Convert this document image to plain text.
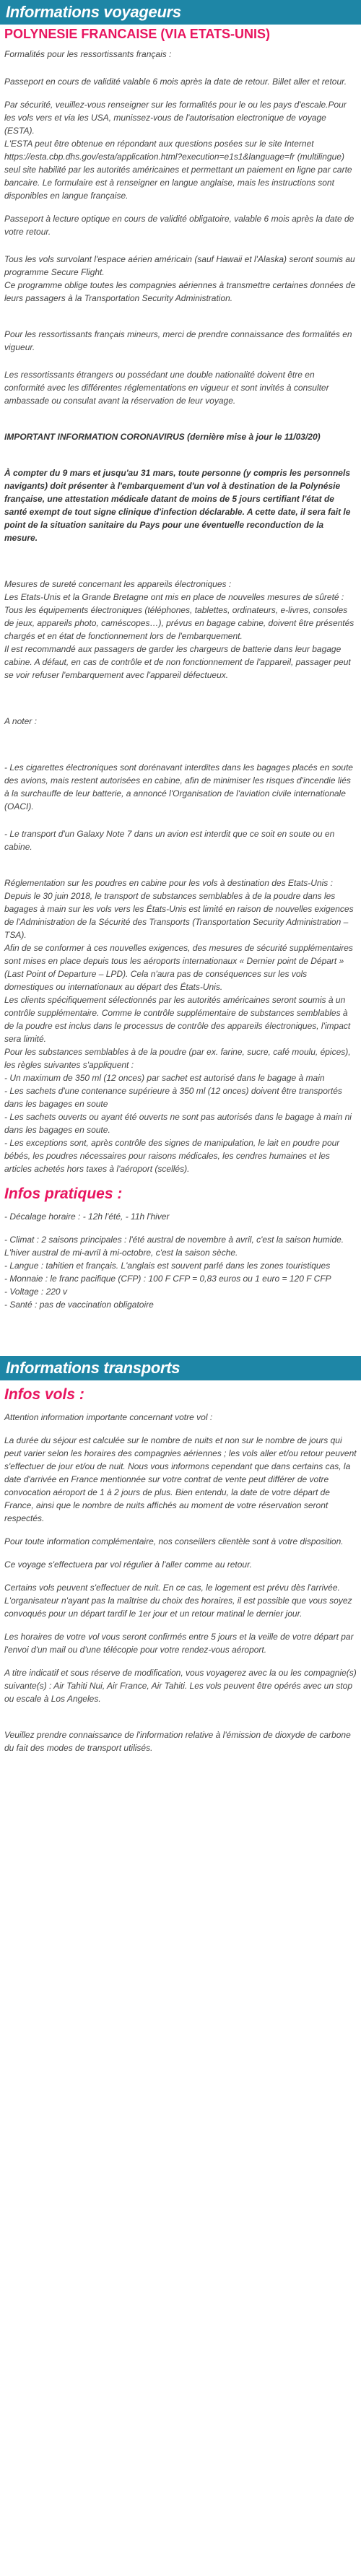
Informations voyageurs
POLYNESIE FRANCAISE (VIA ETATS-UNIS)

Formalités pour les ressortissants français :

Passeport en cours de validité valable 6 mois après la date de retour. Billet aller et retour.

Par sécurité, veuillez-vous renseigner sur les formalités pour le ou les pays d'escale.Pour les vols vers et via les USA, munissez-vous de l'autorisation electronique de voyage (ESTA).

L'ESTA peut être obtenue en répondant aux questions posées sur le site Internet https://esta.cbp.dhs.gov/esta/application.html?execution=e1s1&language=fr (multilingue) seul site habilité par les autorités américaines et permettant un paiement en ligne par carte bancaire. Le formulaire est à renseigner en langue anglaise, mais les instructions sont disponibles en langue française.

Passeport à lecture optique en cours de validité obligatoire, valable 6 mois après la date de votre retour.

Tous les vols survolant l'espace aérien américain (sauf Hawaii et l'Alaska) seront soumis au programme Secure Flight.

Ce programme oblige toutes les compagnies aériennes à transmettre certaines données de leurs passagers à la Transportation Security Administration.

Pour les ressortissants français mineurs, merci de prendre connaissance des formalités en vigueur.

Les ressortissants étrangers ou possédant une double nationalité doivent être en conformité avec les différentes réglementations en vigueur et sont invités à consulter ambassade ou consulat avant la réservation de leur voyage.

IMPORTANT INFORMATION CORONAVIRUS (dernière mise à jour le 11/03/20)

À compter du 9 mars et jusqu'au 31 mars, toute personne (y compris les personnels navigants) doit présenter à l'embarquement d'un vol à destination de la Polynésie française, une attestation médicale datant de moins de 5 jours certifiant l'état de santé exempt de tout signe clinique d'infection déclarable. A cette date, il sera fait le point de la situation sanitaire du Pays pour une éventuelle reconduction de la mesure.

Mesures de sureté concernant les appareils électroniques :

Les Etats-Unis et la Grande Bretagne ont mis en place de nouvelles mesures de sûreté : Tous les équipements électroniques (téléphones, tablettes, ordinateurs, e-livres, consoles de jeux, appareils photo, caméscopes…), prévus en bagage cabine, doivent être présentés chargés et en état de fonctionnement lors de l'embarquement.

Il est recommandé aux passagers de garder les chargeurs de batterie dans leur bagage cabine. A défaut, en cas de contrôle et de non fonctionnement de l'appareil, passager peut se voir refuser l'embarquement avec l'appareil défectueux.

A noter :

- Les cigarettes électroniques sont dorénavant interdites dans les bagages placés en soute des avions, mais restent autorisées en cabine, afin de minimiser les risques d'incendie liés à la surchauffe de leur batterie, a annoncé l'Organisation de l'aviation civile internationale (OACI).

- Le transport d'un Galaxy Note 7 dans un avion est interdit que ce soit en soute ou en cabine.

Réglementation sur les poudres en cabine pour les vols à destination des Etats-Unis :

Depuis le 30 juin 2018, le transport de substances semblables à de la poudre dans les bagages à main sur les vols vers les États-Unis est limité en raison de nouvelles exigences de l'Administration de la Sécurité des Transports (Transportation Security Administration – TSA).

Afin de se conformer à ces nouvelles exigences, des mesures de sécurité supplémentaires sont mises en place depuis tous les aéroports internationaux « Dernier point de Départ » (Last Point of Departure – LPD). Cela n'aura pas de conséquences sur les vols domestiques ou internationaux au départ des États-Unis.

Les clients spécifiquement sélectionnés par les autorités américaines seront soumis à un contrôle supplémentaire. Comme le contrôle supplémentaire de substances semblables à de la poudre est inclus dans le processus de contrôle des appareils électroniques, l'impact sera limité.

Pour les substances semblables à de la poudre (par ex. farine, sucre, café moulu, épices), les règles suivantes s'appliquent :

- Un maximum de 350 ml (12 onces) par sachet est autorisé dans le bagage à main

- Les sachets d'une contenance supérieure à 350 ml (12 onces) doivent être transportés dans les bagages en soute

- Les sachets ouverts ou ayant été ouverts ne sont pas autorisés dans le bagage à main ni dans les bagages en soute.

- Les exceptions sont, après contrôle des signes de manipulation, le lait en poudre pour bébés, les poudres nécessaires pour raisons médicales, les cendres humaines et les articles achetés hors taxes à l'aéroport (scellés).

Infos pratiques :

- Décalage horaire : - 12h l'été, - 11h l'hiver

- Climat : 2 saisons principales : l'été austral de novembre à avril, c'est la saison humide. L'hiver austral de mi-avril à mi-octobre, c'est la saison sèche.

- Langue : tahitien et français. L'anglais est souvent parlé dans les zones touristiques

- Monnaie : le franc pacifique (CFP) : 100 F CFP = 0,83 euros ou 1 euro = 120 F CFP

- Voltage : 220 v

- Santé : pas de vaccination obligatoire

Informations transports
Infos vols :

Attention information importante concernant votre vol :

La durée du séjour est calculée sur le nombre de nuits et non sur le nombre de jours qui peut varier selon les horaires des compagnies aériennes ; les vols aller et/ou retour peuvent s'effectuer de jour et/ou de nuit. Nous vous informons cependant que dans certains cas, la date d'arrivée en France mentionnée sur votre contrat de vente peut différer de votre convocation aéroport de 1 à 2 jours de plus. Bien entendu, la date de votre départ de France, ainsi que le nombre de nuits affichés au moment de votre réservation seront respectés.

Pour toute information complémentaire, nos conseillers clientèle sont à votre disposition.

Ce voyage s'effectuera par vol régulier à l'aller comme au retour.

Certains vols peuvent s'effectuer de nuit. En ce cas, le logement est prévu dès l'arrivée. L'organisateur n'ayant pas la maîtrise du choix des horaires, il est possible que vous soyez convoqués pour un départ tardif le 1er jour et un retour matinal le dernier jour.

Les horaires de votre vol vous seront confirmés entre 5 jours et la veille de votre départ par l'envoi d'un mail ou d'une télécopie pour votre rendez-vous aéroport.

A titre indicatif et sous réserve de modification, vous voyagerez avec la ou les compagnie(s) suivante(s) : Air Tahiti Nui, Air France, Air Tahiti. Les vols peuvent être opérés avec un stop ou escale à Los Angeles.

Veuillez prendre connaissance de l'information relative à l'émission de dioxyde de carbone du fait des modes de transport utilisés.
